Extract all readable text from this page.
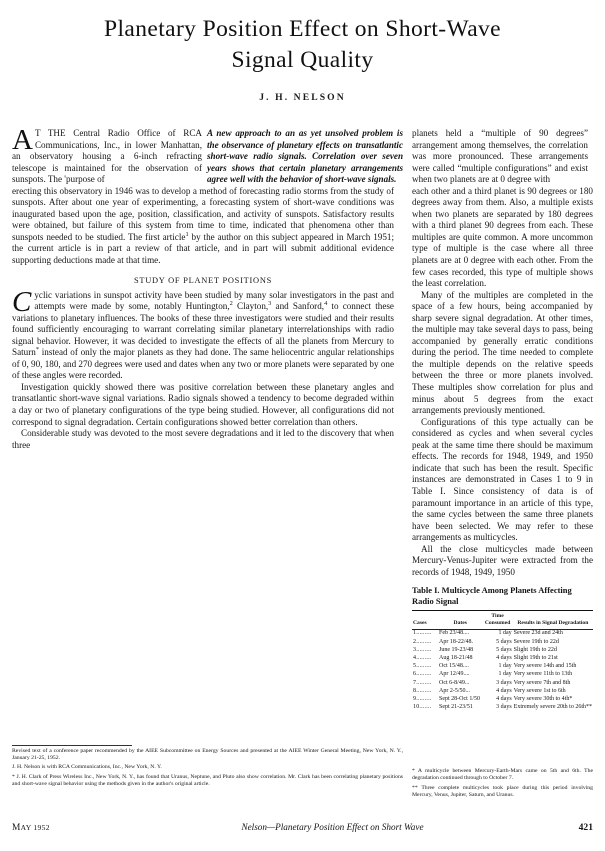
Planetary Position Effect on Short-Wave
Signal Quality
J. H. NELSON

A T THE Central Radio Office of RCA Communications, Inc., in lower Manhattan, an observatory housing a 6-inch refracting telescope is maintained for the observation of sunspots. The 'purpose of

A new approach to an as yet unsolved problem is the observance of planetary effects on transatlantic short-wave radio signals. Correlation over seven years shows that certain planetary arrangements agree well with the behavior of short-wave signals.

planets held a “multiple of 90 degrees” arrangement among themselves, the correlation was more pronounced. These arrangements were called “multiple configurations” and exist when two planets are at 0 degree with

erecting this observatory in 1946 was to develop a method of forecasting radio storms from the study of sunspots. After about one year of experimenting, a forecasting system of short-wave conditions was inaugurated based upon the age, position, classification, and activity of sunspots. Satisfactory results were obtained, but failure of this system from time to time, indicated that phenomena other than sunspots needed to be studied. The first article$^1$ by the author on this subject appeared in March 1951; the current article is in part a review of that article, and in part will submit additional evidence supporting deductions made at that time.

STUDY OF PLANET POSITIONS

Cyclic variations in sunspot activity have been studied by many solar investigators in the past and attempts were made by some, notably Huntington,$^2$ Clayton,$^3$ and Sanford,$^4$ to connect these variations to planetary influences. The books of these three investigators were studied and their results found sufficiently encouraging to warrant correlating similar planetary interrelationships with radio signal behavior. However, it was decided to investigate the effects of all the planets from Mercury to Saturn* instead of only the major planets as they had done. The same heliocentric angular relationships of 0, 90, 180, and 270 degrees were used and dates when any two or more planets were separated by one of these angles were recorded.

Investigation quickly showed there was positive correlation between these planetary angles and transatlantic short-wave signal variations. Radio signals showed a tendency to become degraded within a day or two of planetary configurations of the type being studied. However, all configurations did not correspond to signal degradation. Certain configurations showed better correlation than others.

Considerable study was devoted to the most severe degradations and it led to the discovery that when three

each other and a third planet is 90 degrees or 180 degrees away from them. Also, a multiple exists when two planets are separated by 180 degrees with a third planet 90 degrees from each. These multiples are quite common. A more uncommon type of multiple is the case where all three planets are at 0 degree with each other. From the few cases recorded, this type of multiple shows the least correlation.

Many of the multiples are completed in the space of a few hours, being accompanied by sharp severe signal degradation. At other times, the multiple may take several days to pass, being accompanied by generally erratic conditions during the period. The time needed to complete the multiple depends on the relative speeds between the three or more planets involved. These multiples show correlation for plus and minus about 5 degrees from the exact arrangements previously mentioned.

Configurations of this type actually can be considered as cycles and when several cycles peak at the same time there should be maximum effects. The records for 1948, 1949, and 1950 indicate that such has been the result. Specific instances are demonstrated in Cases 1 to 9 in Table I. Since consistency of data is of paramount importance in an article of this type, the same cycles between the same three planets have been selected. We may refer to these arrangements as multicycles.

All the close multicycles made between Mercury-Venus-Jupiter were extracted from the records of 1948, 1949, 1950

Table I. Multicycle Among Planets Affecting Radio Signal
Cases	Dates	Time
Consumed	Results in Signal Degradation
1.........	Feb 23/48....	1 day	Severe 23d and 24th
2.........	Apr 18-22/48.	5 days	Severe 19th to 22d
3.........	June 19-23/48	5 days	Slight 19th to 22d
4.........	Aug 18-21/48	4 days	Slight 19th to 21st
5.........	Oct 15/48....	1 day	Very severe 14th and 15th
6.........	Apr 12/49....	1 day	Very severe 11th to 13th
7.........	Oct 6-8/49...	3 days	Very severe 7th and 8th
8.........	Apr 2-5/50...	4 days	Very severe 1st to 6th
9.........	Sept 28-Oct 1/50	4 days	Very severe 30th to 4th*
10.......	Sept 21-23/51	3 days	Extremely severe 20th to 26th**
Revised text of a conference paper recommended by the AIEE Subcommittee on Energy Sources and presented at the AIEE Winter General Meeting, New York, N. Y., January 21-25, 1952.
J. H. Nelson is with RCA Communications, Inc., New York, N. Y.
* J. H. Clark of Press Wireless Inc., New York, N. Y., has found that Uranus, Neptune, and Pluto also show correlation. Mr. Clark has been correlating planetary positions and short-wave signal behavior using the methods given in the author's original article.
* A multicycle between Mercury-Earth-Mars came on 5th and 6th. The degradation continued through to October 7.
** Three complete multicycles took place during this period involving Mercury, Venus, Jupiter, Saturn, and Uranus.
MAY 1952	Nelson—Planetary Position Effect on Short Wave	421
